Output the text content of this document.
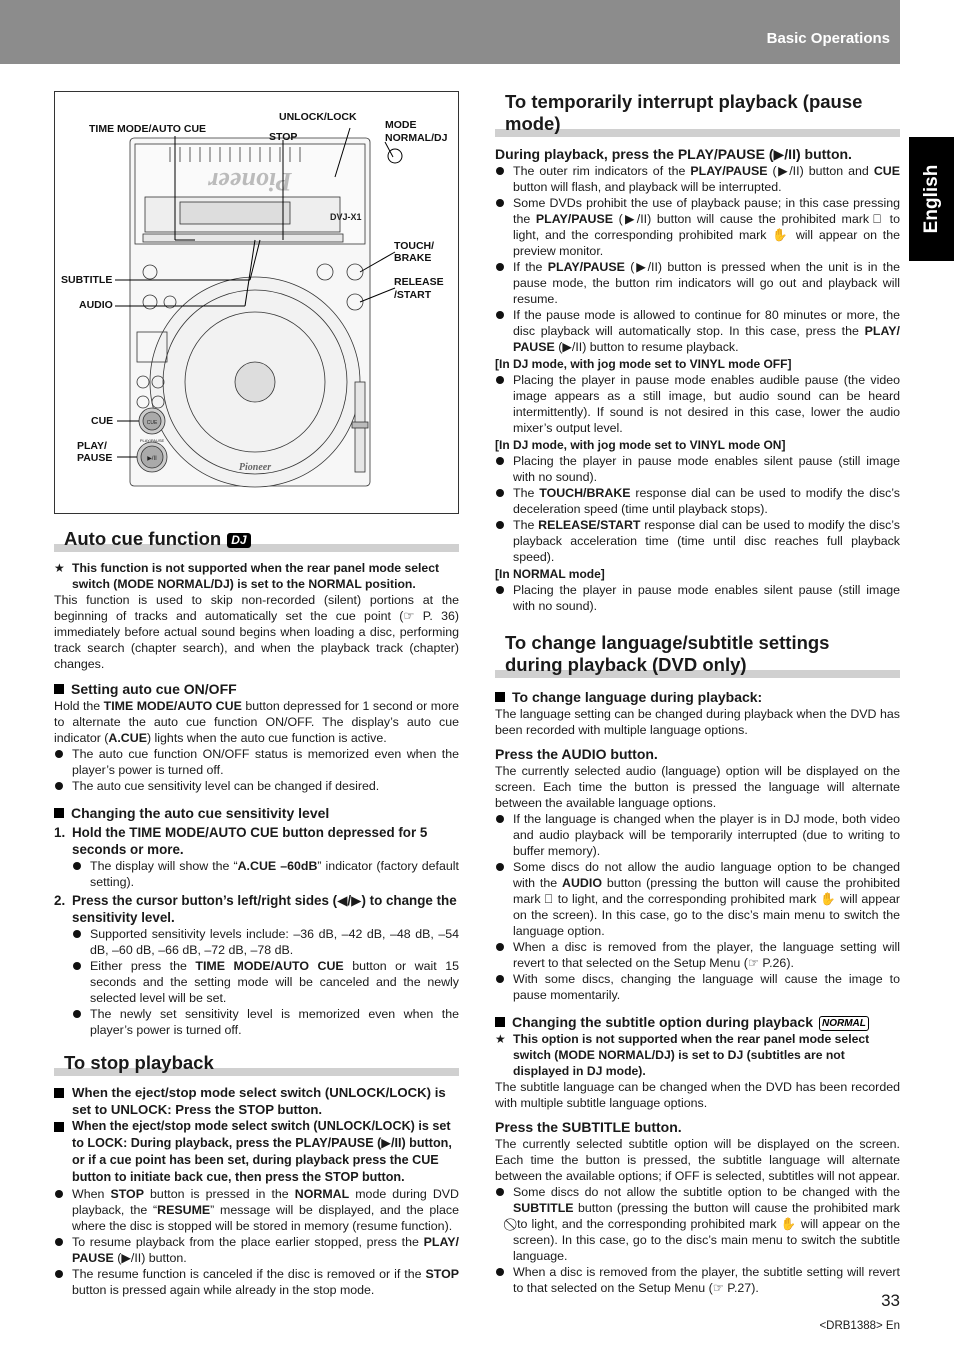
Basic Operations
English
Pioneer
DVJ-X1
Pioneer
CUE
PLAY/PAUSE
▶/II
TIME MODE/AUTO CUE
UNLOCK/LOCK
STOP
MODE
NORMAL/DJ
TOUCH/
BRAKE
RELEASE
/START
SUBTITLE
AUDIO
CUE
PLAY/
PAUSE
Auto cue function DJ
★ This function is not supported when the rear panel mode select switch (MODE NORMAL/DJ) is set to the NORMAL position.
This function is used to skip non-recorded (silent) portions at the beginning of tracks and automatically set the cue point (☞ P. 36) immediately before actual sound begins when loading a disc, performing track search (chapter search), and when the playback track (chapter) changes.
Setting auto cue ON/OFF
Hold the TIME MODE/AUTO CUE button depressed for 1 second or more to alternate the auto cue function ON/OFF. The display’s auto cue indicator (A.CUE) lights when the auto cue function is active.
The auto cue function ON/OFF status is memorized even when the player’s power is turned off.
The auto cue sensitivity level can be changed if desired.
Changing the auto cue sensitivity level
1. Hold the TIME MODE/AUTO CUE button depressed for 5 seconds or more.
The display will show the “A.CUE –60dB” indicator (factory default setting).
2. Press the cursor button’s left/right sides (◀/▶) to change the sensitivity level.
Supported sensitivity levels include: –36 dB, –42 dB, –48 dB, –54 dB, –60 dB, –66 dB, –72 dB, –78 dB.
Either press the TIME MODE/AUTO CUE button or wait 15 seconds and the setting mode will be canceled and the newly selected level will be set.
The newly set sensitivity level is memorized even when the player’s power is turned off.
To stop playback
When the eject/stop mode select switch (UNLOCK/LOCK) is set to UNLOCK: Press the STOP button.
When the eject/stop mode select switch (UNLOCK/LOCK) is set to LOCK: During playback, press the PLAY/PAUSE (▶/II) button, or if a cue point has been set, during playback press the CUE button to initiate back cue, then press the STOP button.
When STOP button is pressed in the NORMAL mode during DVD playback, the “RESUME” message will be displayed, and the place where the disc is stopped will be stored in memory (resume function).
To resume playback from the place earlier stopped, press the PLAY/ PAUSE (▶/II) button.
The resume function is canceled if the disc is removed or if the STOP button is pressed again while already in the stop mode.
To temporarily interrupt playback (pause mode)
During playback, press the PLAY/PAUSE (▶/II) button.
The outer rim indicators of the PLAY/PAUSE (▶/II) button and CUE button will flash, and playback will be interrupted.
Some DVDs prohibit the use of playback pause; in this case pressing the PLAY/PAUSE (▶/II) button will cause the prohibited mark ⃠ to light, and the corresponding prohibited mark ✋ will appear on the preview monitor.
If the PLAY/PAUSE (▶/II) button is pressed when the unit is in the pause mode, the button rim indicators will go out and playback will resume.
If the pause mode is allowed to continue for 80 minutes or more, the disc playback will automatically stop. In this case, press the PLAY/ PAUSE (▶/II) button to resume playback.
[In DJ mode, with jog mode set to VINYL mode OFF]
Placing the player in pause mode enables audible pause (the video image appears as a still image, but audio sound can be heard intermittently). If sound is not desired in this case, lower the audio mixer’s output level.
[In DJ mode, with jog mode set to VINYL mode ON]
Placing the player in pause mode enables silent pause (still image with no sound).
The TOUCH/BRAKE response dial can be used to modify the disc’s deceleration speed (time until playback stops).
The RELEASE/START response dial can be used to modify the disc’s playback acceleration time (time until disc reaches full playback speed).
[In NORMAL mode]
Placing the player in pause mode enables silent pause (still image with no sound).
To change language/subtitle settings
during playback (DVD only)
To change language during playback:
The language setting can be changed during playback when the DVD has been recorded with multiple language options.
Press the AUDIO button.
The currently selected audio (language) option will be displayed on the screen. Each time the button is pressed the language will alternate between the available language options.
If the language is changed when the player is in DJ mode, both video and audio playback will be temporarily interrupted (due to writing to buffer memory).
Some discs do not allow the audio language option to be changed with the AUDIO button (pressing the button will cause the prohibited mark ⃠ to light, and the corresponding prohibited mark ✋ will appear on the screen). In this case, go to the disc’s main menu to switch the language option.
When a disc is removed from the player, the language setting will revert to that selected on the Setup Menu (☞ P.26).
With some discs, changing the language will cause the image to pause momentarily.
Changing the subtitle option during playback NORMAL
★ This option is not supported when the rear panel mode select switch (MODE NORMAL/DJ) is set to DJ (subtitles are not displayed in DJ mode).
The subtitle language can be changed when the DVD has been recorded with multiple subtitle language options.
Press the SUBTITLE button.
The currently selected subtitle option will be displayed on the screen. Each time the button is pressed, the subtitle language will alternate between the available options; if OFF is selected, subtitles will not appear.
Some discs do not allow the subtitle option to be changed with the SUBTITLE button (pressing the button will cause the prohibited mark ⃠ to light, and the corresponding prohibited mark ✋ will appear on the screen). In this case, go to the disc’s main menu to switch the subtitle language.
When a disc is removed from the player, the subtitle setting will revert to that selected on the Setup Menu (☞ P.27).
33
<DRB1388> En
